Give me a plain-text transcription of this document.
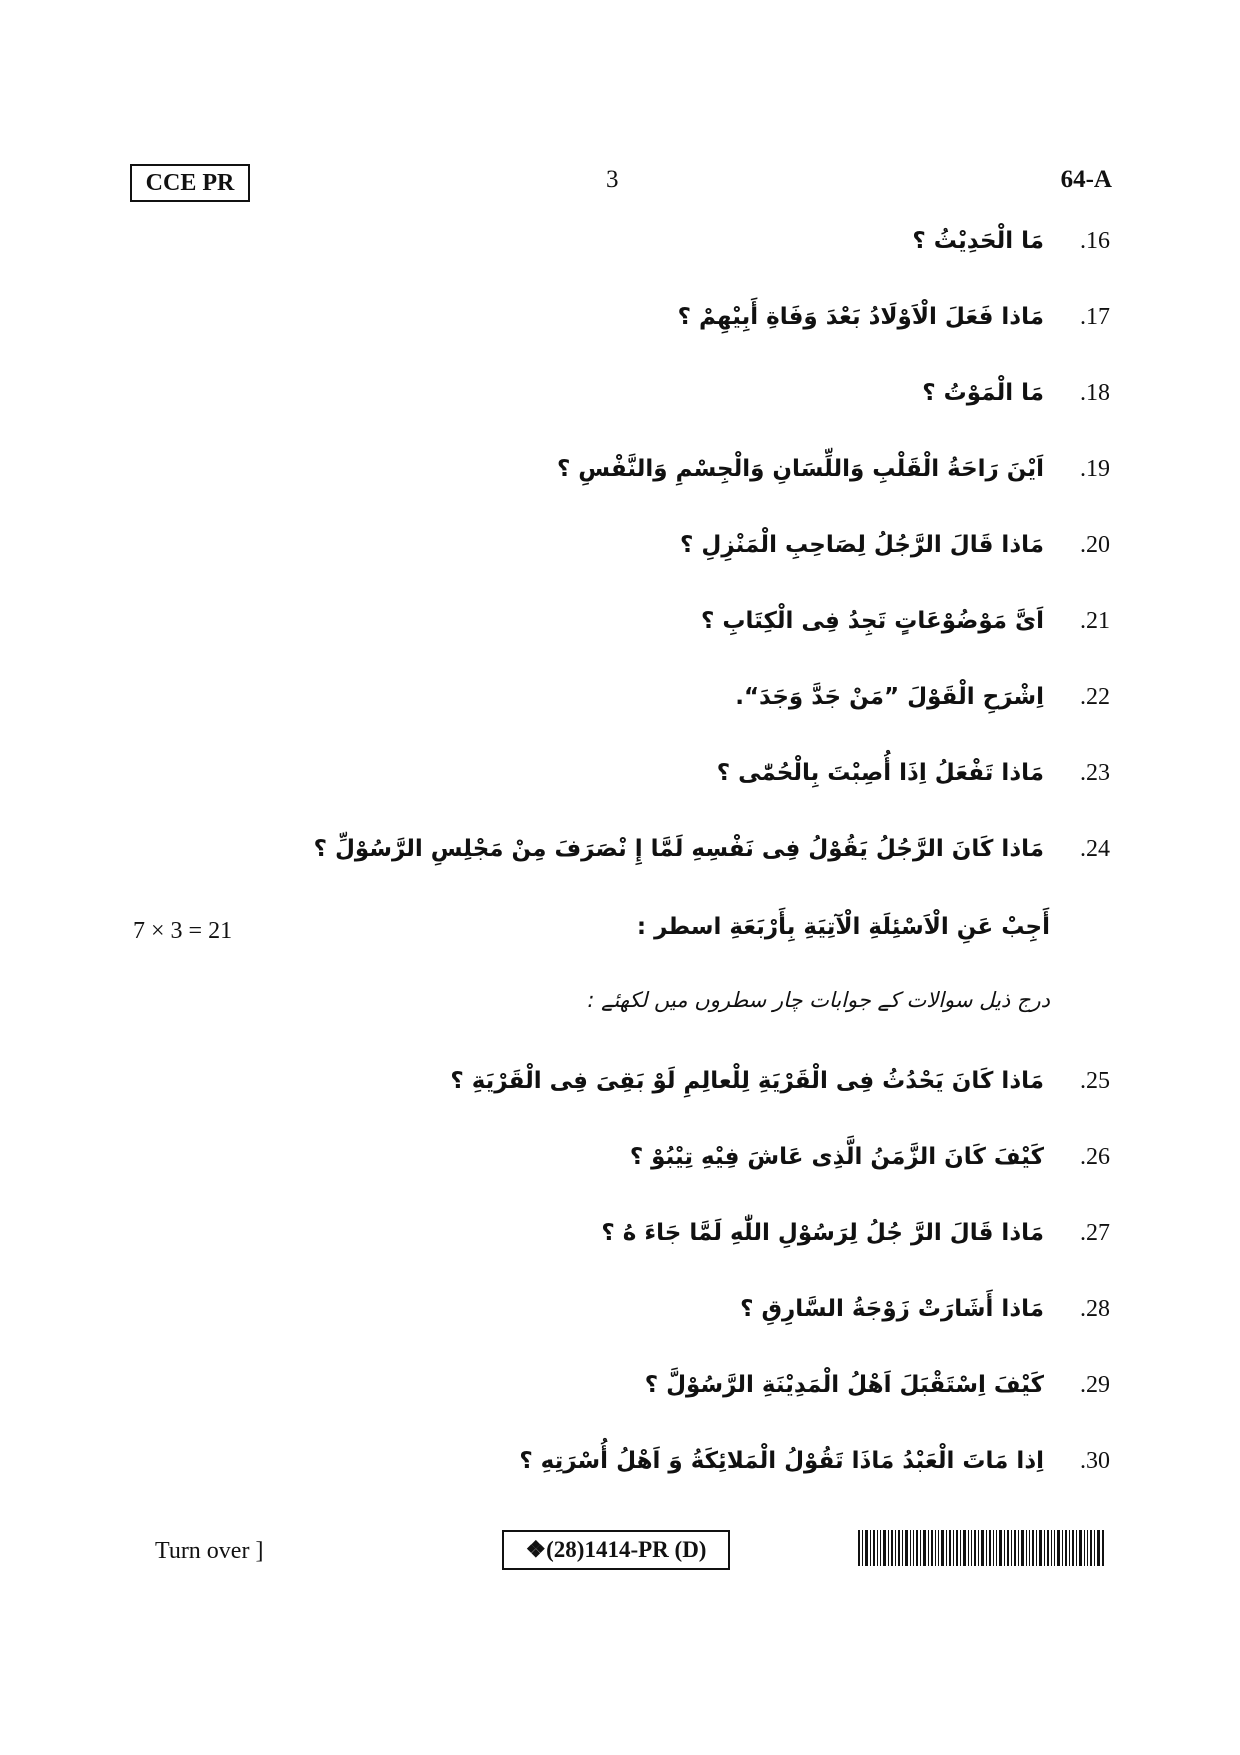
CCE PR	3	64-A
.16
مَا الْحَدِيْثُ ؟
.17
مَاذا فَعَلَ الْاَوْلَادُ بَعْدَ وَفَاةِ أَبِيْهِمْ ؟
.18
مَا الْمَوْتُ ؟
.19
اَيْنَ رَاحَةُ الْقَلْبِ وَاللِّسَانِ وَالْجِسْمِ وَالنَّفْسِ ؟
.20
مَاذا قَالَ الرَّجُلُ لِصَاحِبِ الْمَنْزِلِ ؟
.21
اَىَّ مَوْضُوْعَاتٍ تَجِدُ فِى الْكِتَابِ ؟
.22
اِشْرَحِ الْقَوْلَ ”مَنْ جَدَّ وَجَدَ“.
.23
مَاذا تَفْعَلُ اِذَا أُصِبْتَ بِالْحُمّٰى ؟
.24
مَاذا كَانَ الرَّجُلُ يَقُوْلُ فِى نَفْسِهِ لَمَّا إِ نْصَرَفَ مِنْ مَجْلِسِ الرَّسُوْلِّ ؟
7 × 3 = 21	أَجِبْ عَنِ الْاَسْئِلَةِ الْآتِيَةِ بِأَرْبَعَةِ اسطر :
درج ذیل سوالات کے جوابات چار سطروں میں لکھئے :
.25
مَاذا كَانَ يَحْدُثُ فِى الْقَرْيَةِ لِلْعالِمِ لَوْ بَقِىَ فِى الْقَرْيَةِ ؟
.26
كَيْفَ كَانَ الزَّمَنُ الَّذِى عَاشَ فِيْهِ تِيْبُوْ ؟
.27
مَاذا قَالَ الرَّ جُلُ لِرَسُوْلِ اللّٰهِ لَمَّا جَاءَ هُ ؟
.28
مَاذا أَشَارَتْ زَوْجَةُ السَّارِقِ ؟
.29
كَيْفَ اِسْتَقْبَلَ اَهْلُ الْمَدِيْنَةِ الرَّسُوْلَّ ؟
.30
اِذا مَاتَ الْعَبْدُ مَاذَا تَقُوْلُ الْمَلائِكَةُ وَ اَهْلُ أُسْرَتِهِ ؟
Turn over ]	❖(28)1414-PR (D)
